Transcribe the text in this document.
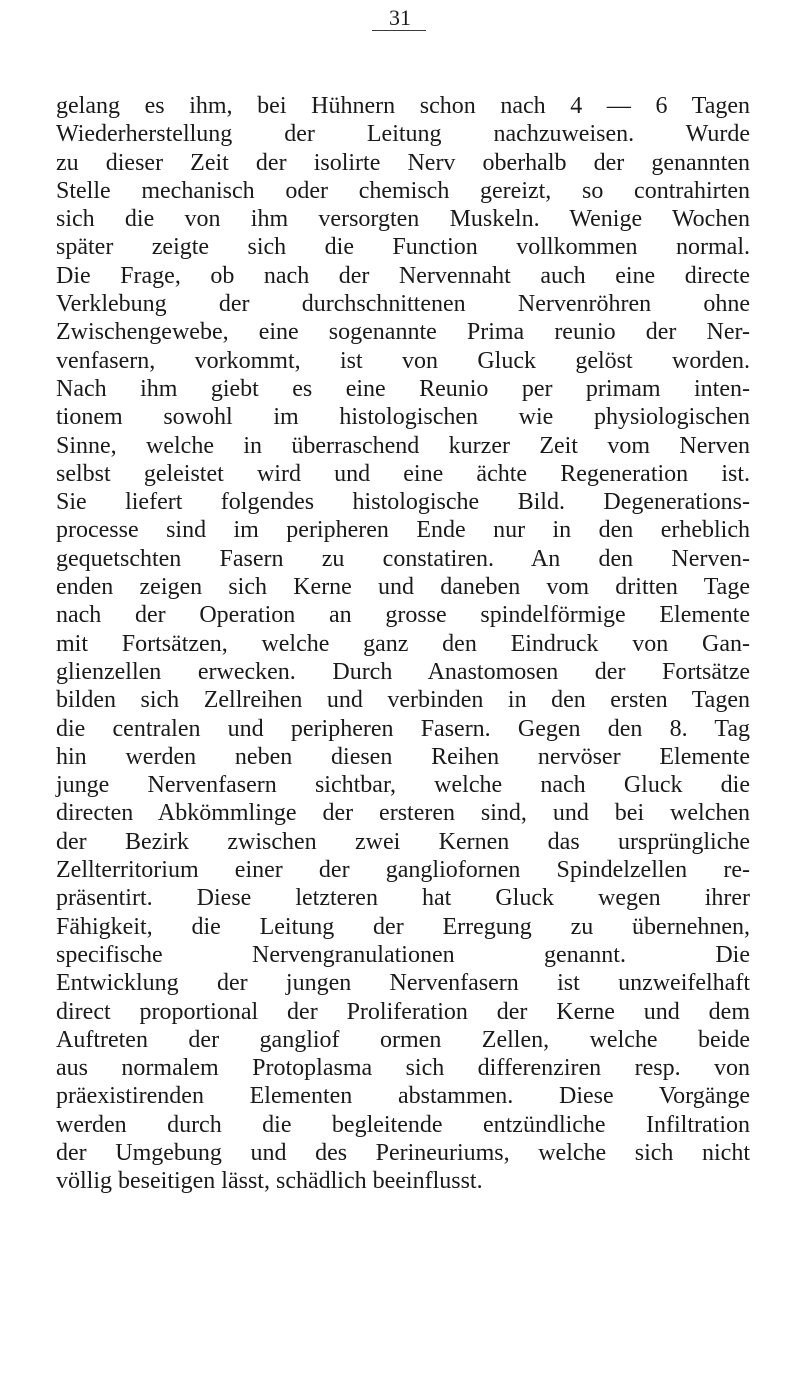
31
gelang es ihm, bei Hühnern schon nach 4 — 6 Tagen
Wiederherstellung der Leitung nachzuweisen. Wurde
zu dieser Zeit der isolirte Nerv oberhalb der genannten
Stelle mechanisch oder chemisch gereizt, so contrahirten
sich die von ihm versorgten Muskeln. Wenige Wochen
später zeigte sich die Function vollkommen normal.
Die Frage, ob nach der Nervennaht auch eine directe
Verklebung der durchschnittenen Nervenröhren ohne
Zwischengewebe, eine sogenannte Prima reunio der Ner-
venfasern, vorkommt, ist von Gluck gelöst worden.
Nach ihm giebt es eine Reunio per primam inten-
tionem sowohl im histologischen wie physiologischen
Sinne, welche in überraschend kurzer Zeit vom Nerven
selbst geleistet wird und eine ächte Regeneration ist.
Sie liefert folgendes histologische Bild. Degenerations-
processe sind im peripheren Ende nur in den erheblich
gequetschten Fasern zu constatiren. An den Nerven-
enden zeigen sich Kerne und daneben vom dritten Tage
nach der Operation an grosse spindelförmige Elemente
mit Fortsätzen, welche ganz den Eindruck von Gan-
glienzellen erwecken. Durch Anastomosen der Fortsätze
bilden sich Zellreihen und verbinden in den ersten Tagen
die centralen und peripheren Fasern. Gegen den 8. Tag
hin werden neben diesen Reihen nervöser Elemente
junge Nervenfasern sichtbar, welche nach Gluck die
directen Abkömmlinge der ersteren sind, und bei welchen
der Bezirk zwischen zwei Kernen das ursprüngliche
Zellterritorium einer der gangliofornen Spindelzellen re-
präsentirt. Diese letzteren hat Gluck wegen ihrer
Fähigkeit, die Leitung der Erregung zu übernehnen,
specifische Nervengranulationen genannt. Die
Entwicklung der jungen Nervenfasern ist unzweifelhaft
direct proportional der Proliferation der Kerne und dem
Auftreten der gangliof ormen Zellen, welche beide
aus normalem Protoplasma sich differenziren resp. von
präexistirenden Elementen abstammen. Diese Vorgänge
werden durch die begleitende entzündliche Infiltration
der Umgebung und des Perineuriums, welche sich nicht
völlig beseitigen lässt, schädlich beeinflusst.
